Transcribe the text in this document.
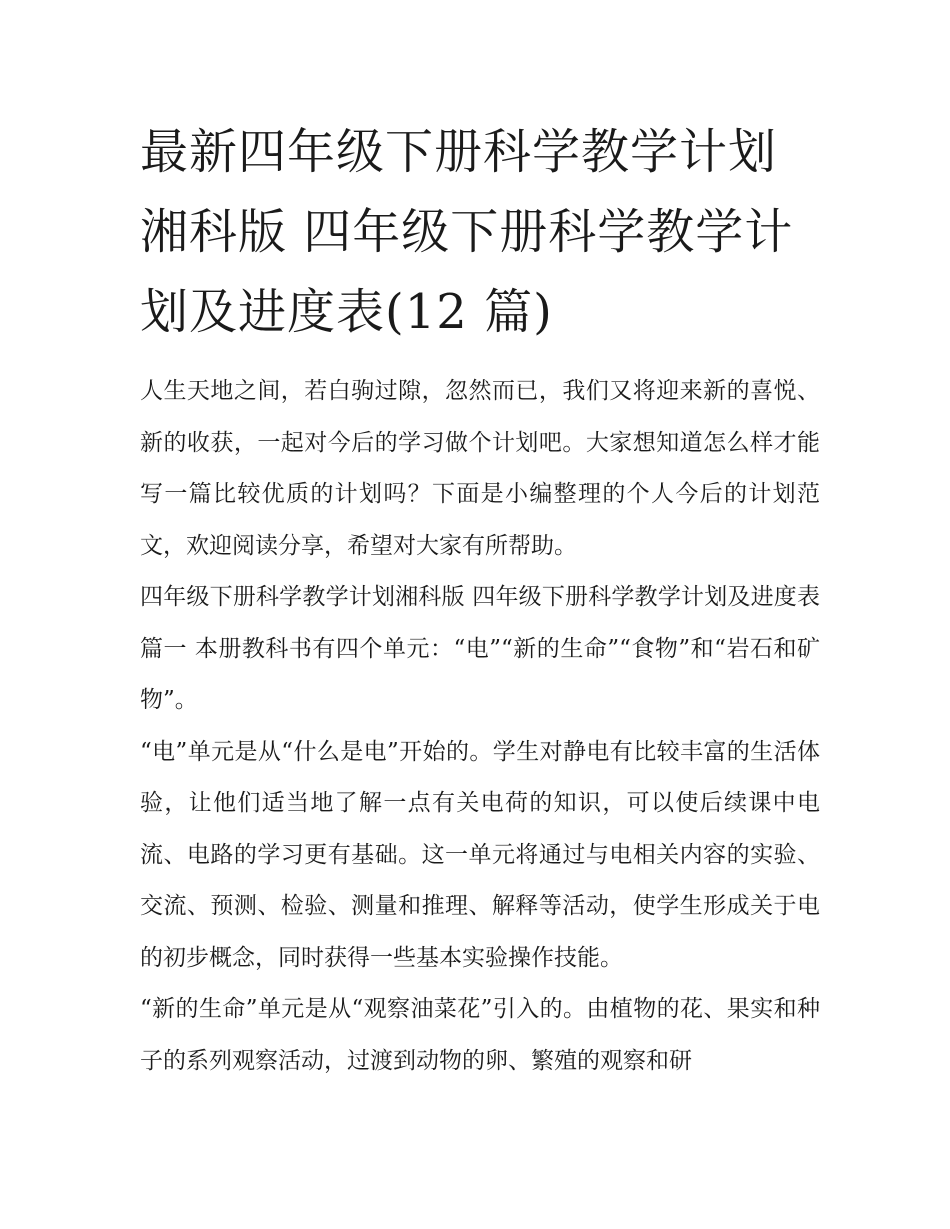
最新四年级下册科学教学计划
湘科版 四年级下册科学教学计
划及进度表(12 篇)

人生天地之间，若白驹过隙，忽然而已，我们又将迎来新的喜悦、新的收获，一起对今后的学习做个计划吧。大家想知道怎么样才能写一篇比较优质的计划吗？下面是小编整理的个人今后的计划范文，欢迎阅读分享，希望对大家有所帮助。

四年级下册科学教学计划湘科版 四年级下册科学教学计划及进度表篇一 本册教科书有四个单元：“电”“新的生命”“食物”和“岩石和矿物”。

“电”单元是从“什么是电”开始的。学生对静电有比较丰富的生活体验，让他们适当地了解一点有关电荷的知识，可以使后续课中电流、电路的学习更有基础。这一单元将通过与电相关内容的实验、交流、预测、检验、测量和推理、解释等活动，使学生形成关于电的初步概念，同时获得一些基本实验操作技能。

“新的生命”单元是从“观察油菜花”引入的。由植物的花、果实和种子的系列观察活动，过渡到动物的卵、繁殖的观察和研
